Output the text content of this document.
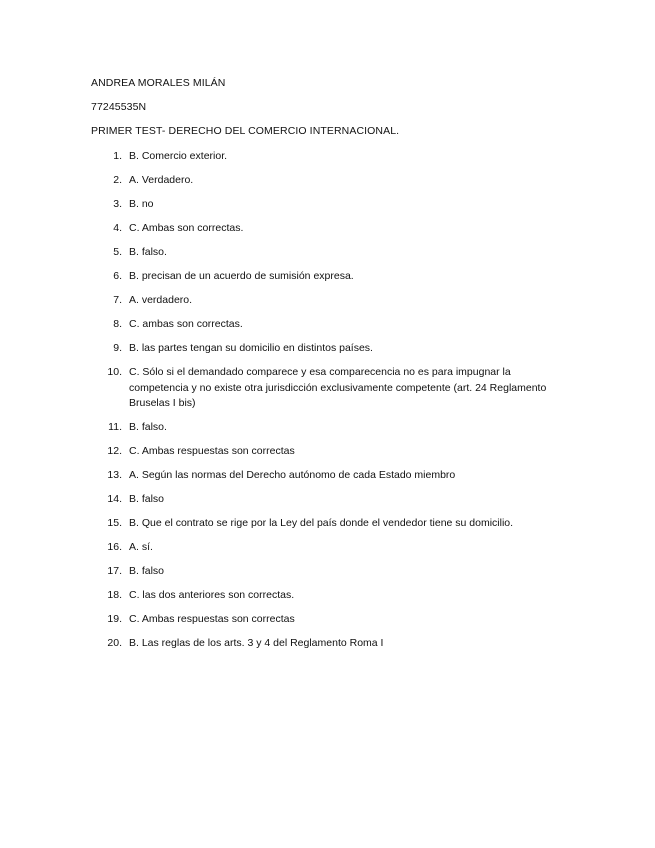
ANDREA MORALES MILÁN
77245535N
PRIMER TEST- DERECHO DEL COMERCIO INTERNACIONAL.
1. B. Comercio exterior.
2. A. Verdadero.
3. B. no
4. C. Ambas son correctas.
5. B. falso.
6. B. precisan de un acuerdo de sumisión expresa.
7. A. verdadero.
8. C. ambas son correctas.
9. B. las partes tengan su domicilio en distintos países.
10. C. Sólo si el demandado comparece y esa comparecencia no es para impugnar la competencia y no existe otra jurisdicción exclusivamente competente (art. 24 Reglamento Bruselas I bis)
11. B. falso.
12. C. Ambas respuestas son correctas
13. A. Según las normas del Derecho autónomo de cada Estado miembro
14. B. falso
15. B. Que el contrato se rige por la Ley del país donde el vendedor tiene su domicilio.
16. A. sí.
17. B. falso
18. C. las dos anteriores son correctas.
19. C. Ambas respuestas son correctas
20. B. Las reglas de los arts. 3 y 4 del Reglamento Roma I
